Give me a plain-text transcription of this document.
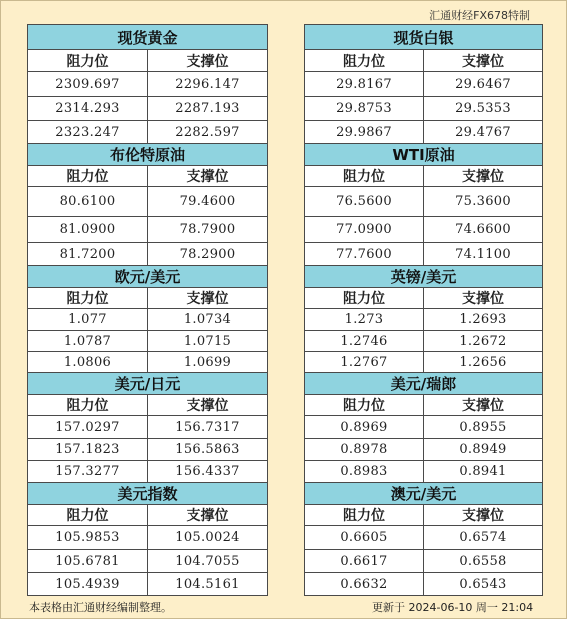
汇通财经FX678特制
现货黄金	
阻力位	支撑位
2309.697	2296.147
2314.293	2287.193
2323.247	2282.597
布伦特原油	
阻力位	支撑位
80.6100	79.4600
81.0900	78.7900
81.7200	78.2900
欧元/美元	
阻力位	支撑位
1.077	1.0734
1.0787	1.0715
1.0806	1.0699
美元/日元	
阻力位	支撑位
157.0297	156.7317
157.1823	156.5863
157.3277	156.4337
美元指数	
阻力位	支撑位
105.9853	105.0024
105.6781	104.7055
105.4939	104.5161
现货白银	
阻力位	支撑位
29.8167	29.6467
29.8753	29.5353
29.9867	29.4767
WTI原油	
阻力位	支撑位
76.5600	75.3600
77.0900	74.6600
77.7600	74.1100
英镑/美元	
阻力位	支撑位
1.273	1.2693
1.2746	1.2672
1.2767	1.2656
美元/瑞郎	
阻力位	支撑位
0.8969	0.8955
0.8978	0.8949
0.8983	0.8941
澳元/美元	
阻力位	支撑位
0.6605	0.6574
0.6617	0.6558
0.6632	0.6543
本表格由汇通财经编制整理。	更新于 2024-06-10 周一 21:04
